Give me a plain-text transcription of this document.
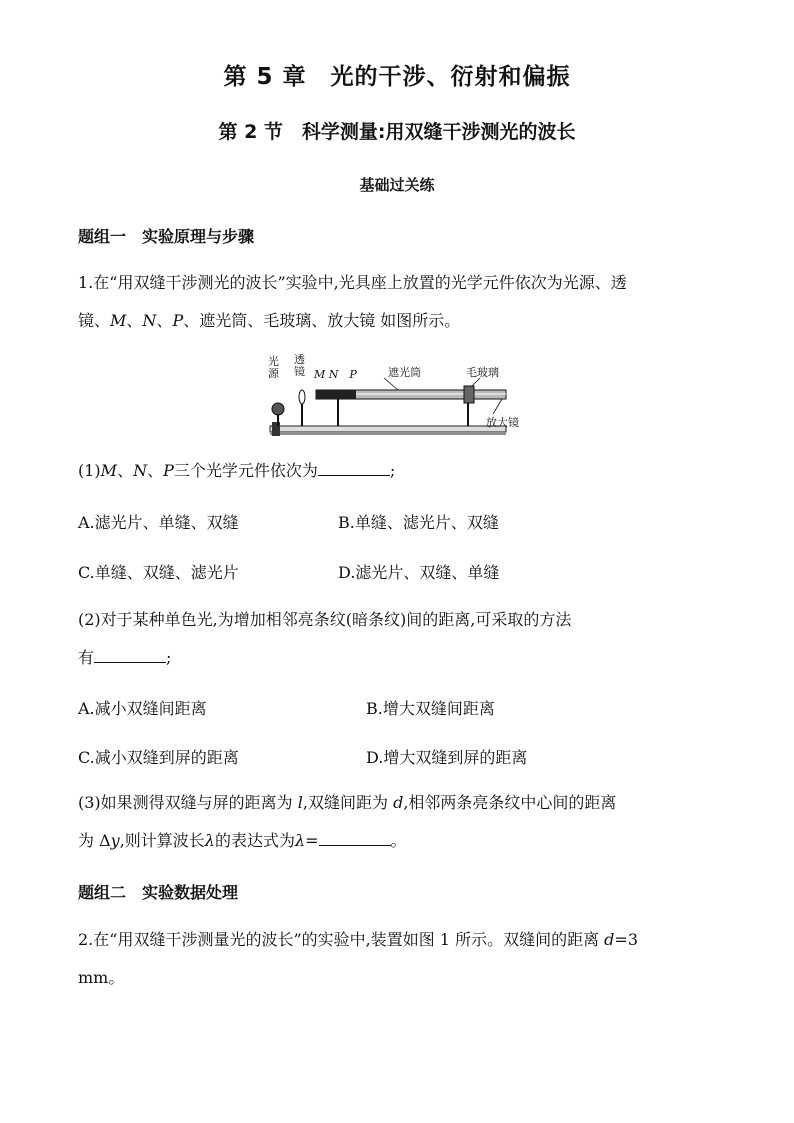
第 5 章　光的干涉、衍射和偏振
第 2 节　科学测量:用双缝干涉测光的波长
基础过关练
题组一　实验原理与步骤
1.在“用双缝干涉测光的波长”实验中,光具座上放置的光学元件依次为光源、透
镜、M、N、P、遮光筒、毛玻璃、放大镜 如图所示。
光源
透镜 M N　P	遮光筒	毛玻璃
放大镜
(1)M、N、P三个光学元件依次为	;
A.滤光片、单缝、双缝	B.单缝、滤光片、双缝
C.单缝、双缝、滤光片	D.滤光片、双缝、单缝
(2)对于某种单色光,为增加相邻亮条纹(暗条纹)间的距离,可采取的方法
有	;
A.减小双缝间距离	B.增大双缝间距离
C.减小双缝到屏的距离	D.增大双缝到屏的距离
(3)如果测得双缝与屏的距离为 l,双缝间距为 d,相邻两条亮条纹中心间的距离
为 Δy,则计算波长λ的表达式为λ=	。
题组二　实验数据处理
2.在“用双缝干涉测量光的波长”的实验中,装置如图 1 所示。双缝间的距离 d=3
mm。
